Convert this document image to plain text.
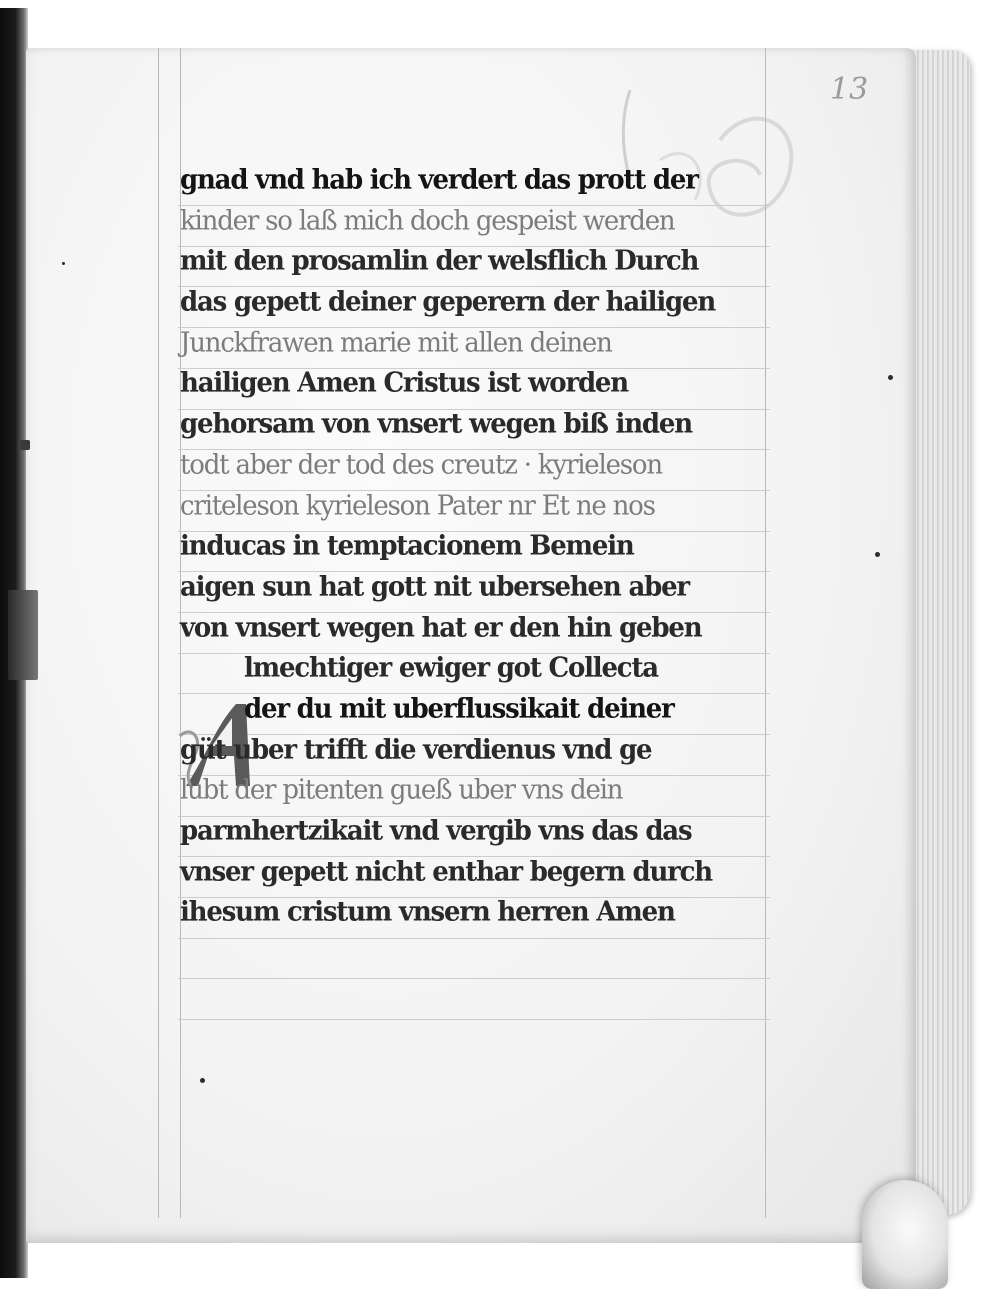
13
gnad vnd hab ich verdert das prott der
kinder so laß mich doch gespeist werden
mit den prosamlin der welsflich Durch
das gepett deiner geperern der hailigen
Junckfrawen marie mit allen deinen
hailigen Amen Cristus ist worden
gehorsam von vnsert wegen biß inden
todt aber der tod des creutz · kyrieleson
criteleson kyrieleson Pater nr Et ne nos
inducas in temptacionem Bemein
aigen sun hat gott nit ubersehen aber
von vnsert wegen hat er den hin geben
lmechtiger ewiger got Collecta
der du mit uberflussikait deiner
güt uber trifft die verdienus vnd ge
lubt der pitenten gueß uber vns dein
parmhertzikait vnd vergib vns das das
vnser gepett nicht enthar begern durch
ihesum cristum vnsern herren Amen
